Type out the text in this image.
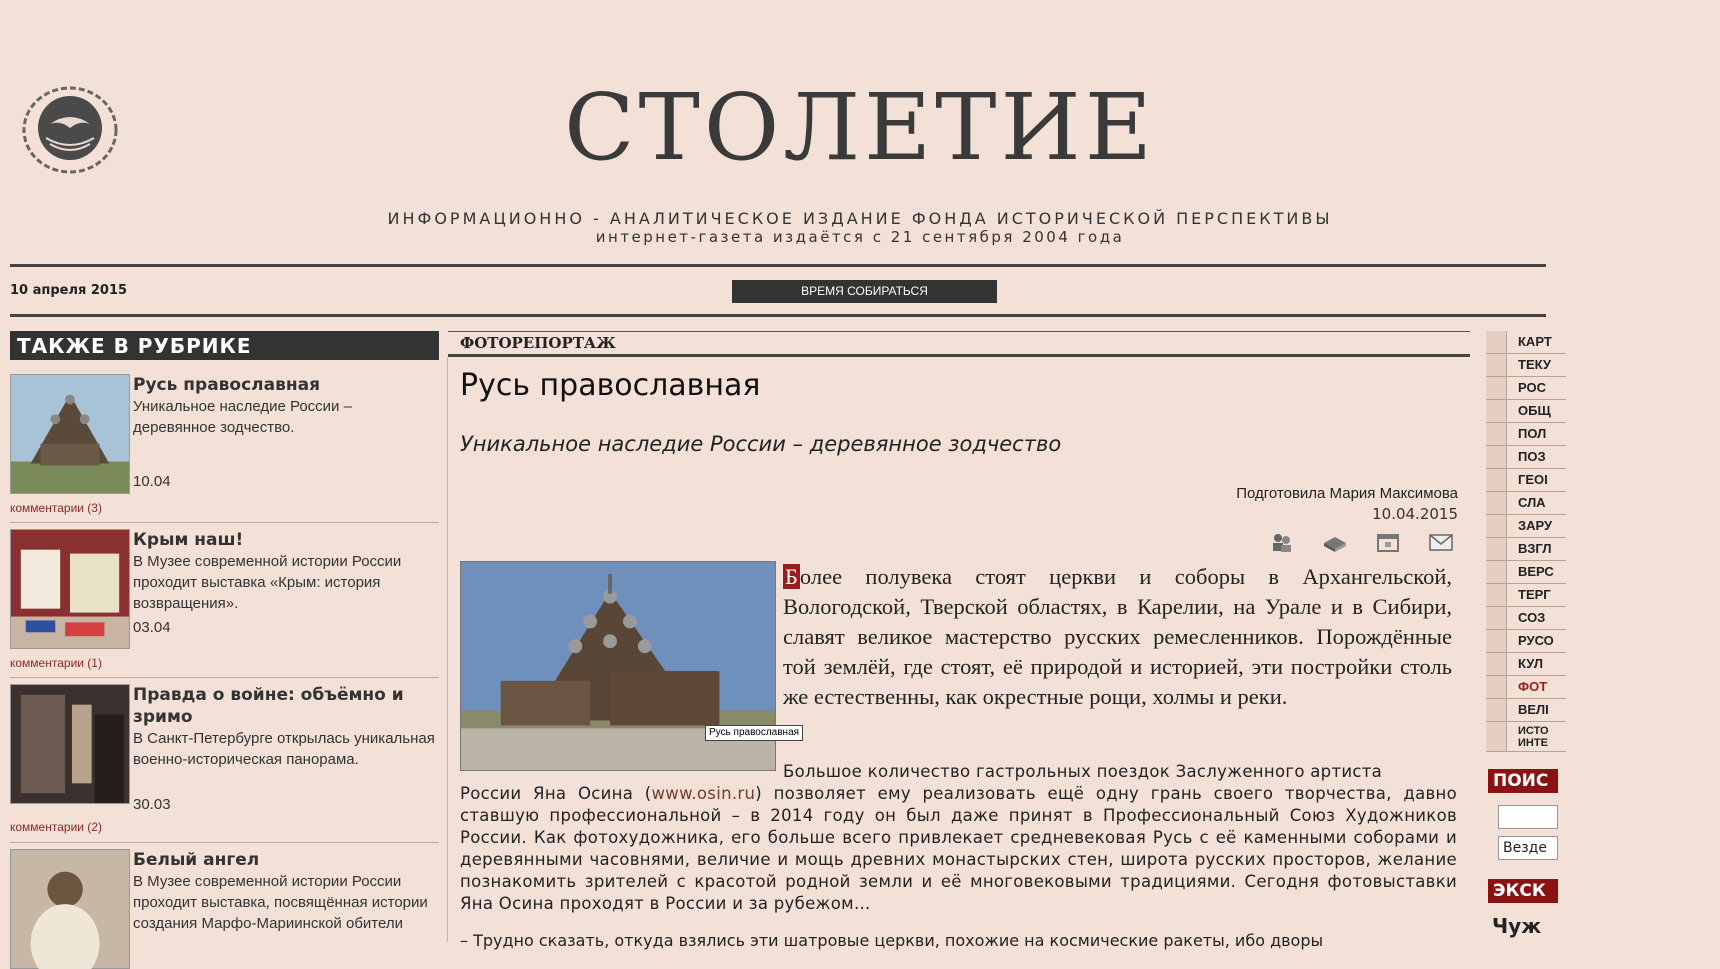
СТОЛЕТИЕ
ИНФОРМАЦИОННО - АНАЛИТИЧЕСКОЕ ИЗДАНИЕ ФОНДА ИСТОРИЧЕСКОЙ ПЕРСПЕКТИВЫ
интернет-газета издаётся с 21 сентября 2004 года
10 апреля 2015	ВРЕМЯ СОБИРАТЬСЯ
ТАКЖЕ В РУБРИКЕ
Русь православная
Уникальное наследие России – деревянное зодчество.
10.04
комментарии (3)
Крым наш!
В Музее современной истории России проходит выставка «Крым: история возвращения».
03.04
комментарии (1)
Правда о войне: объёмно и зримо
В Санкт-Петербурге открылась уникальная военно-историческая панорама.
30.03
комментарии (2)
Белый ангел
В Музее современной истории России проходит выставка, посвящённая истории создания Марфо-Мариинской обители
ФОТОРЕПОРТАЖ
Русь православная
Уникальное наследие России – деревянное зодчество
Подготовила Мария Максимова
10.04.2015

Русь православная
Более полувека стоят церкви и соборы в Архангельской, Вологодской, Тверской областях, в Карелии, на Урале и в Сибири, славят великое мастерство русских ремесленников. Порождённые той землёй, где стоят, её природой и историей, эти постройки столь же естественны, как окрестные рощи, холмы и реки.
Большое количество гастрольных поездок Заслуженного артиста
России Яна Осина (www.osin.ru) позволяет ему реализовать ещё одну грань своего творчества, давно ставшую профессиональной – в 2014 году он был даже принят в Профессиональный Союз Художников России. Как фотохудожника, его больше всего привлекает средневековая Русь с её каменными соборами и деревянными часовнями, величие и мощь древних монастырских стен, широта русских просторов, желание познакомить зрителей с красотой родной земли и её многовековыми традициями. Сегодня фотовыставки Яна Осина проходят в России и за рубежом…
– Трудно сказать, откуда взялись эти шатровые церкви, похожие на космические ракеты, ибо дворы
КАРТ
ТЕКУ
РОС
ОБЩ
ПОЛ
ПОЗ
ГЕОІ
СЛА
ЗАРУ
ВЗГЛ
ВЕРС
ТЕРГ
СОЗ
РУСО
КУЛ
ФОТ
ВЕЛІ
ИСТО
ИНТЕ
ПОИС
Везде
ЭКСК
Чуж
